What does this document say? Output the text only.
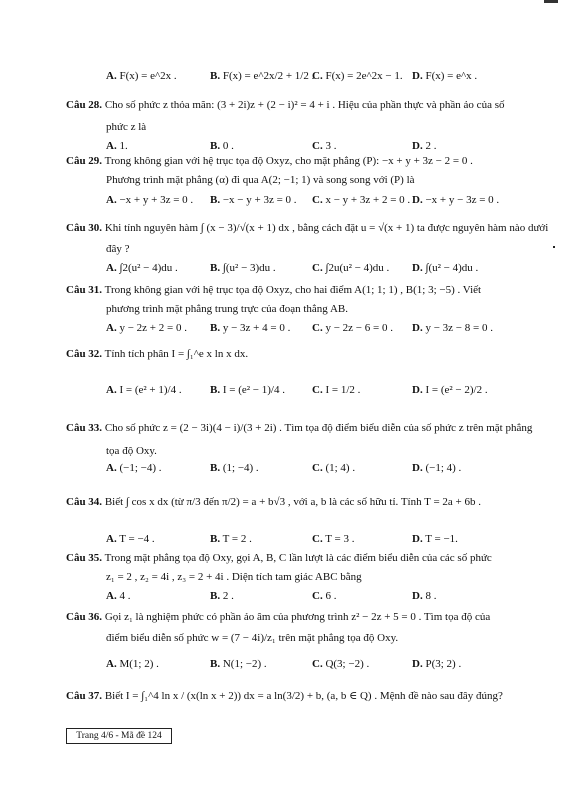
A. F(x) = e^2x .	B. F(x) = e^2x/2 + 1/2 .
C. F(x) = 2e^2x − 1. D. F(x) = e^x .
Câu 28. Cho số phức z thỏa mãn: (3 + 2i)z + (2 − i)² = 4 + i . Hiệu của phần thực và phần ảo của số
phức z là
A. 1.	B. 0 .	C. 3 .	D. 2 .
Câu 29. Trong không gian với hệ trục tọa độ Oxyz, cho mặt phẳng (P): −x + y + 3z − 2 = 0 .
Phương trình mặt phẳng (α) đi qua A(2; −1; 1) và song song với (P) là
A. −x + y + 3z = 0 . B. −x − y + 3z = 0 . C. x − y + 3z + 2 = 0 . D. −x + y − 3z = 0 .
Câu 30. Khi tính nguyên hàm ∫ (x − 3)/√(x + 1) dx , bằng cách đặt u = √(x + 1) ta được nguyên hàm nào dưới
đây ?
A. ∫2(u² − 4)du .	B. ∫(u² − 3)du .	C. ∫2u(u² − 4)du . D. ∫(u² − 4)du .
Câu 31. Trong không gian với hệ trục tọa độ Oxyz, cho hai điểm A(1; 1; 1) , B(1; 3; −5) . Viết
phương trình mặt phẳng trung trực của đoạn thẳng AB.
A. y − 2z + 2 = 0 . B. y − 3z + 4 = 0 . C. y − 2z − 6 = 0 . D. y − 3z − 8 = 0 .
Câu 32. Tính tích phân I = ∫₁^e x ln x dx.
A. I = (e² + 1)/4 .	B. I = (e² − 1)/4 . C. I = 1/2 .	D. I = (e² − 2)/2 .
Câu 33. Cho số phức z = (2 − 3i)(4 − i)/(3 + 2i) . Tìm tọa độ điểm biểu diễn của số phức z trên mặt phẳng
tọa độ Oxy.
A. (−1; −4) .	B. (1; −4) .	C. (1; 4) .	D. (−1; 4) .
Câu 34. Biết ∫ cos x dx (từ π/3 đến π/2) = a + b√3 , với a, b là các số hữu tỉ. Tính T = 2a + 6b .
A. T = −4 .	B. T = 2 .	C. T = 3 .	D. T = −1.
Câu 35. Trong mặt phẳng tọa độ Oxy, gọi A, B, C lần lượt là các điểm biểu diễn của các số phức
z₁ = 2 , z₂ = 4i , z₃ = 2 + 4i . Diện tích tam giác ABC bằng
A. 4 .	B. 2 .	C. 6 .	D. 8 .
Câu 36. Gọi z₁ là nghiệm phức có phần ảo âm của phương trình z² − 2z + 5 = 0 . Tìm tọa độ của
điểm biểu diễn số phức w = (7 − 4i)/z₁ trên mặt phẳng tọa độ Oxy.
A. M(1; 2) .	B. N(1; −2) .	C. Q(3; −2) .	D. P(3; 2) .
Câu 37. Biết I = ∫₁^4 ln x / (x(ln x + 2)) dx = a ln(3/2) + b, (a, b ∈ Q) . Mệnh đề nào sau đây đúng?
Trang 4/6 - Mã đề 124
